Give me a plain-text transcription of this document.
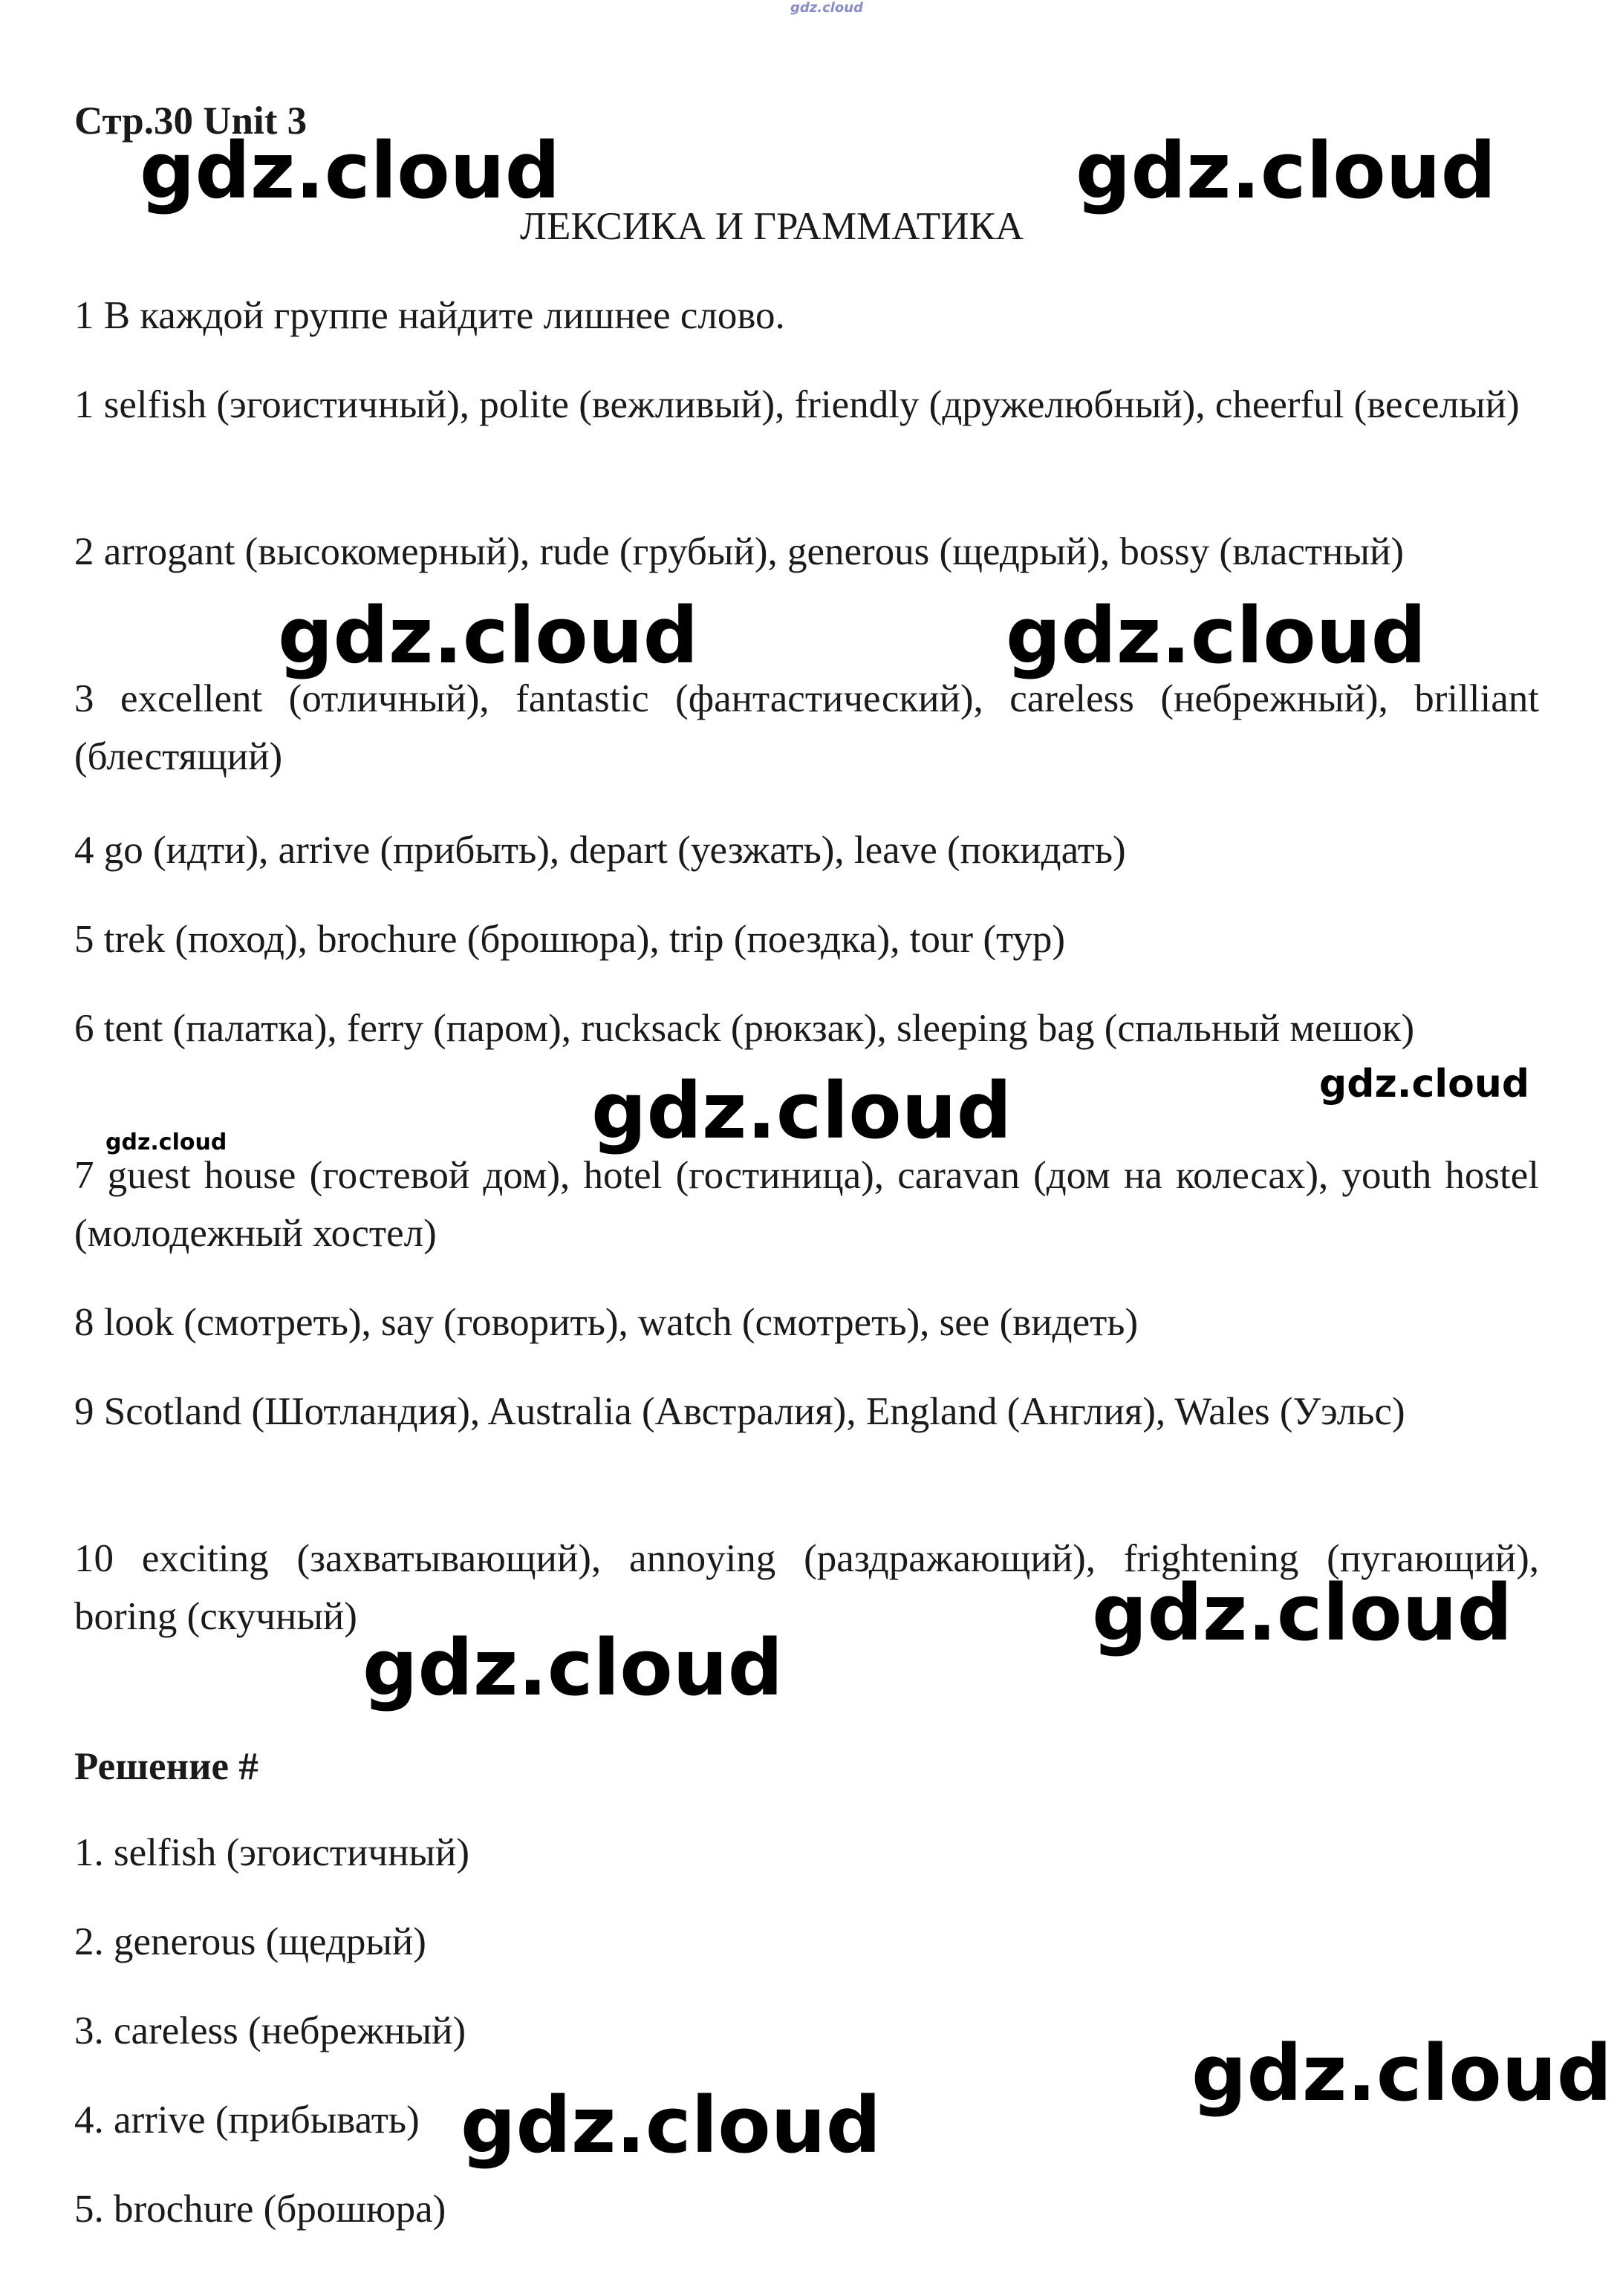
gdz.cloud
Стр.30 Unit 3
ЛЕКСИКА И ГРАММАТИКА
1 В каждой группе найдите лишнее слово.
1 selfish (эгоистичный), polite (вежливый), friendly (дружелюбный), cheerful (веселый)
2 arrogant (высокомерный), rude (грубый), generous (щедрый), bossy (властный)
3 excellent (отличный), fantastic (фантастический), careless (небрежный), brilliant (блестящий)
4 go (идти), arrive (прибыть), depart (уезжать), leave (покидать)
5 trek (поход), brochure (брошюра), trip (поездка), tour (тур)
6 tent (палатка), ferry (паром), rucksack (рюкзак), sleeping bag (спальный мешок)
7 guest house (гостевой дом), hotel (гостиница), caravan (дом на колесах), youth hostel (молодежный хостел)
8 look (смотреть), say (говорить), watch (смотреть), see (видеть)
9 Scotland (Шотландия), Australia (Австралия), England (Англия), Wales (Уэльс)
10 exciting (захватывающий), annoying (раздражающий), frightening (пугающий), boring (скучный)
Решение #
1. selfish (эгоистичный)
2. generous (щедрый)
3. careless (небрежный)
4. arrive (прибывать)
5. brochure (брошюра)
gdz.cloud	gdz.cloud
gdz.cloud	gdz.cloud
gdz.cloud	gdz.cloud
gdz.cloud
gdz.cloud
gdz.cloud
gdz.cloud
gdz.cloud
